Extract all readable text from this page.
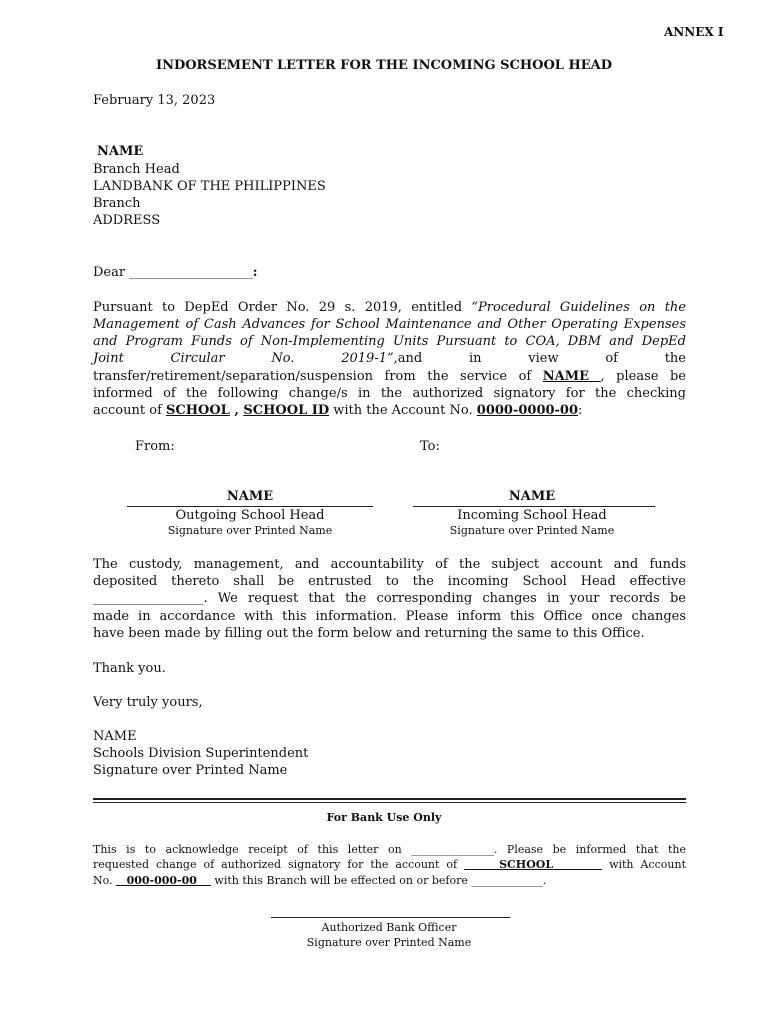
ANNEX I
INDORSEMENT LETTER FOR THE INCOMING SCHOOL HEAD
February 13, 2023
NAME
Branch Head
LANDBANK OF THE PHILIPPINES
Branch
ADDRESS
Dear ___________________:
Pursuant to DepEd Order No. 29 s. 2019, entitled “Procedural Guidelines on the
Management of Cash Advances for School Maintenance and Other Operating Expenses
and Program Funds of Non-Implementing Units Pursuant to COA, DBM and DepEd
Joint Circular No. 2019-1”,and in view of the
transfer/retirement/separation/suspension from the service of NAME , please be
informed of the following change/s in the authorized signatory for the checking
account of SCHOOL , SCHOOL ID with the Account No. 0000-0000-00:
From:	To:
NAME
Outgoing School Head
Signature over Printed Name
NAME
Incoming School Head
Signature over Printed Name
The custody, management, and accountability of the subject account and funds
deposited thereto shall be entrusted to the incoming School Head effective
_________________. We request that the corresponding changes in your records be
made in accordance with this information. Please inform this Office once changes
have been made by filling out the form below and returning the same to this Office.
Thank you.
Very truly yours,
NAME
Schools Division Superintendent
Signature over Printed Name
For Bank Use Only
This is to acknowledge receipt of this letter on _______________. Please be informed that the
requested change of authorized signatory for the account of	SCHOOL	with Account
No.    000-000-00     with this Branch will be effected on or before _____________.
Authorized Bank Officer
Signature over Printed Name
